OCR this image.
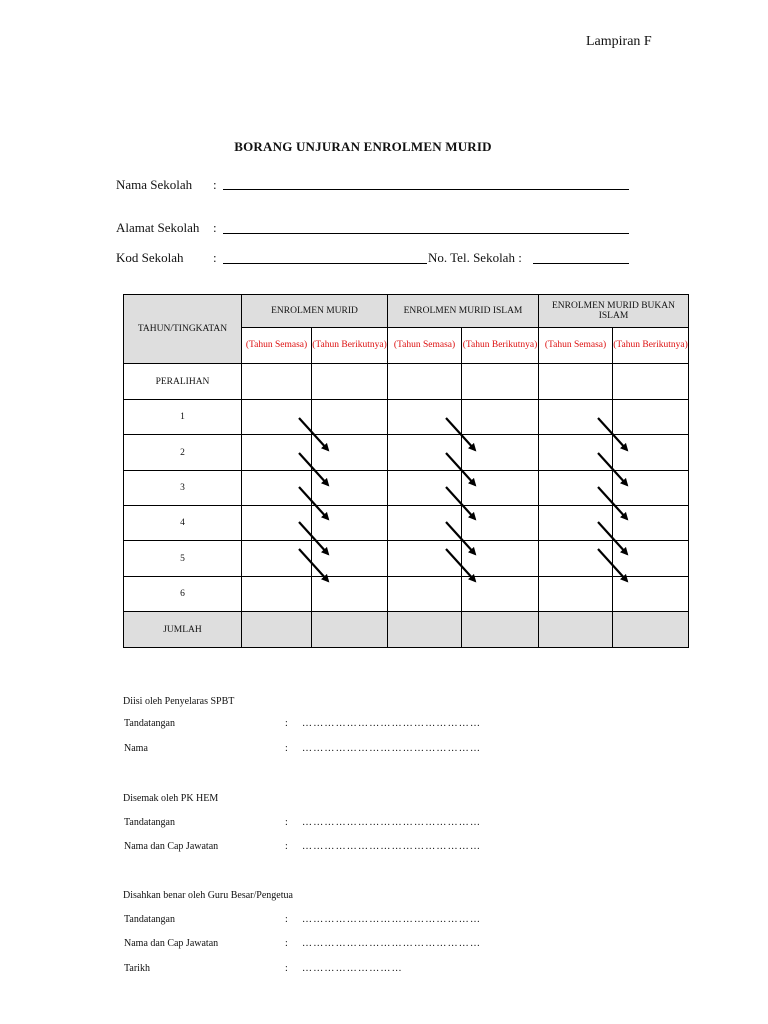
Lampiran F
BORANG UNJURAN ENROLMEN MURID
Nama Sekolah :
Alamat Sekolah :
Kod Sekolah :	No. Tel. Sekolah :
TAHUN/TINGKATAN	ENROLMEN MURID		ENROLMEN MURID ISLAM		ENROLMEN MURID BUKAN ISLAM	
	(Tahun Semasa)	(Tahun Berikutnya)	(Tahun Semasa)	(Tahun Berikutnya)	(Tahun Semasa)	(Tahun Berikutnya)
PERALIHAN						
1						
2						
3						
4						
5						
6						
JUMLAH						
Diisi oleh Penyelaras SPBT
Tandatangan	: …………………………………………
Nama	: …………………………………………
Disemak oleh PK HEM
Tandatangan	: …………………………………………
Nama dan Cap Jawatan	: …………………………………………
Disahkan benar oleh Guru Besar/Pengetua
Tandatangan	: …………………………………………
Nama dan Cap Jawatan	: …………………………………………
Tarikh	: ………………………
